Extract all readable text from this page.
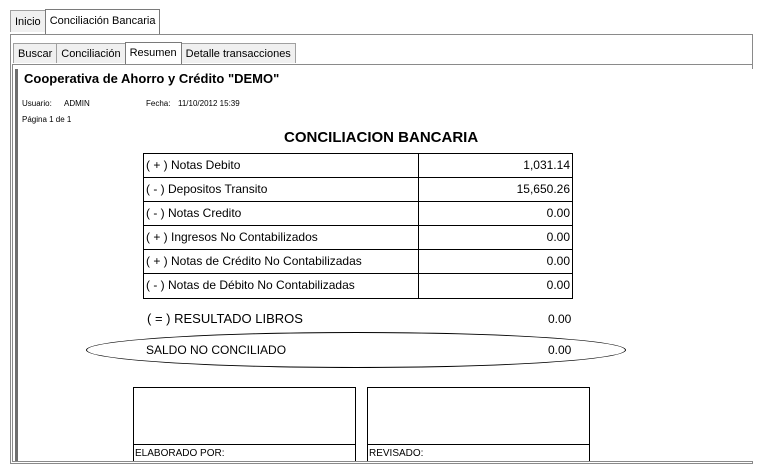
Inicio Conciliación Bancaria
Buscar Conciliación Resumen Detalle transacciones
Cooperativa de Ahorro y Crédito "DEMO"
Usuario: ADMIN	Fecha: 11/10/2012 15:39
Página 1 de 1
CONCILIACION BANCARIA
( + ) Notas Debito	1,031.14
( - ) Depositos Transito	15,650.26
( - ) Notas Credito	0.00
( + ) Ingresos No Contabilizados	0.00
( + ) Notas de Crédito No Contabilizadas	0.00
( - ) Notas de Débito No Contabilizadas	0.00
( = ) RESULTADO LIBROS	0.00
SALDO NO CONCILIADO	0.00
ELABORADO POR:	REVISADO:
